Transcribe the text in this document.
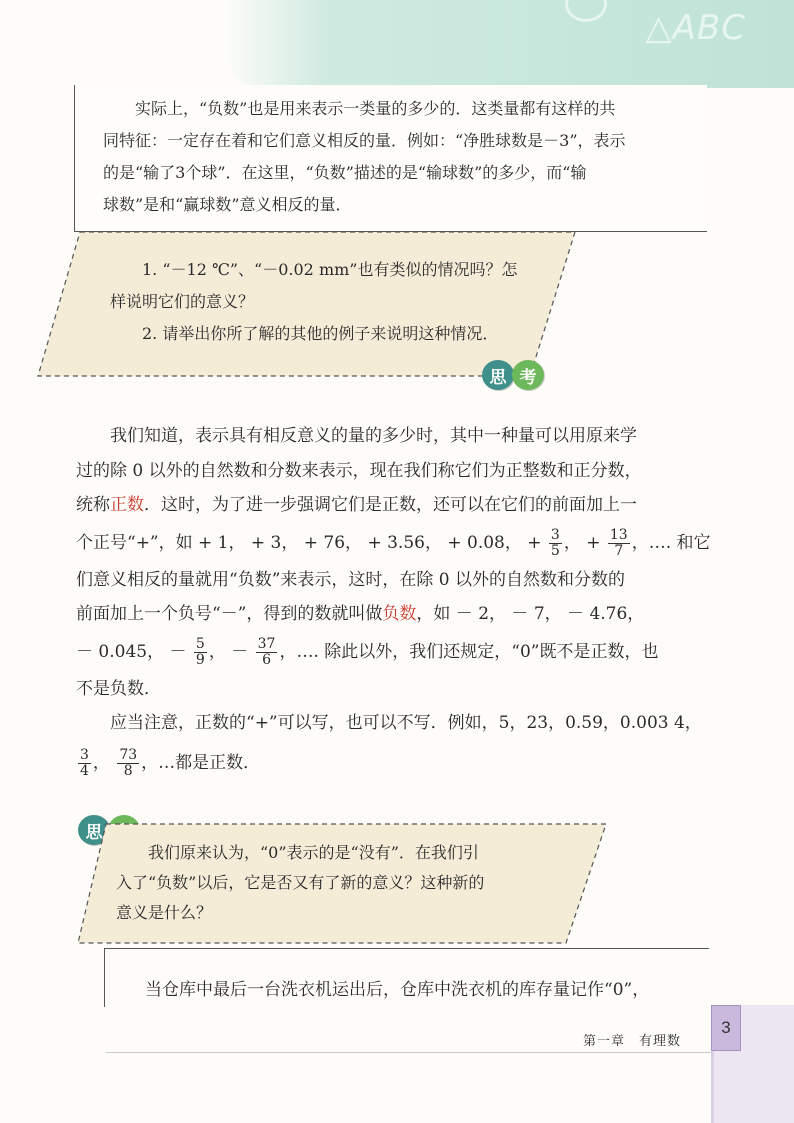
△ABC

实际上，“负数”也是用来表示一类量的多少的．这类量都有这样的共
同特征：一定存在着和它们意义相反的量．例如：“净胜球数是－3”，表示
的是“输了3个球”．在这里，“负数”描述的是“输球数”的多少，而“输
球数”是和“赢球数”意义相反的量．

1. “－12 ℃”、“－0.02 mm”也有类似的情况吗？怎
样说明它们的意义？
2. 请举出你所了解的其他的例子来说明这种情况．
思 考
我们知道，表示具有相反意义的量的多少时，其中一种量可以用原来学
过的除 0 以外的自然数和分数来表示，现在我们称它们为正整数和正分数，
统称正数．这时，为了进一步强调它们是正数，还可以在它们的前面加上一
个正号“+”，如 + 1， + 3， + 76， + 3.56， + 0.08， + $\frac{3}{5}$ ， + $\frac{13}{7}$ ，…. 和它
们意义相反的量就用“负数”来表示，这时，在除 0 以外的自然数和分数的
前面加上一个负号“－”，得到的数就叫做负数，如 － 2， － 7， － 4.76，
－ 0.045， － $\frac{5}{9}$ ， － $\frac{37}{6}$ ，…. 除此以外，我们还规定，“0”既不是正数，也
不是负数．
应当注意，正数的“+”可以写，也可以不写．例如，5，23，0.59，0.003 4，
$\frac{3}{4}$ ， $\frac{73}{8}$ ，…都是正数．
思
我们原来认为，“0”表示的是“没有”．在我们引
入了“负数”以后，它是否又有了新的意义？这种新的
意义是什么？

当仓库中最后一台洗衣机运出后，仓库中洗衣机的库存量记作“0”，

3
第一章　有理数
